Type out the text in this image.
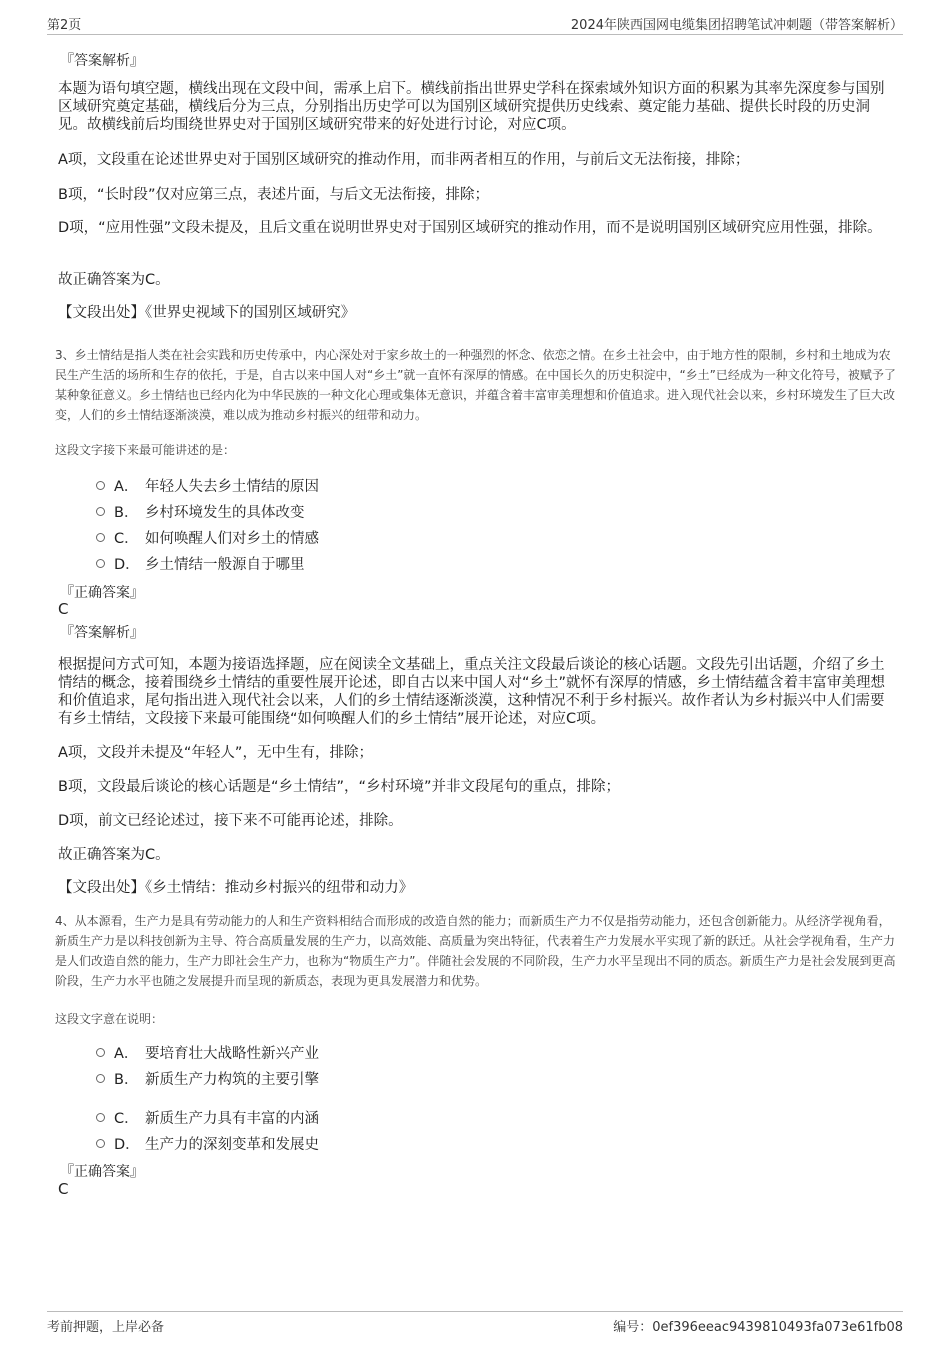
第2页	2024年陕西国网电缆集团招聘笔试冲刺题（带答案解析）

『答案解析』

本题为语句填空题，横线出现在文段中间，需承上启下。横线前指出世界史学科在探索域外知识方面的积累为其率先深度参与国别区域研究奠定基础，横线后分为三点，分别指出历史学可以为国别区域研究提供历史线索、奠定能力基础、提供长时段的历史洞见。故横线前后均围绕世界史对于国别区域研究带来的好处进行讨论，对应C项。

A项，文段重在论述世界史对于国别区域研究的推动作用，而非两者相互的作用，与前后文无法衔接，排除；

B项，“长时段”仅对应第三点，表述片面，与后文无法衔接，排除；

D项，“应用性强”文段未提及，且后文重在说明世界史对于国别区域研究的推动作用，而不是说明国别区域研究应用性强，排除。

故正确答案为C。

【文段出处】《世界史视域下的国别区域研究》

3、乡土情结是指人类在社会实践和历史传承中，内心深处对于家乡故土的一种强烈的怀念、依恋之情。在乡土社会中，由于地方性的限制，乡村和土地成为农民生产生活的场所和生存的依托，于是，自古以来中国人对“乡土”就一直怀有深厚的情感。在中国长久的历史积淀中，“乡土”已经成为一种文化符号，被赋予了某种象征意义。乡土情结也已经内化为中华民族的一种文化心理或集体无意识，并蕴含着丰富审美理想和价值追求。进入现代社会以来，乡村环境发生了巨大改变，人们的乡土情结逐渐淡漠，难以成为推动乡村振兴的纽带和动力。

这段文字接下来最可能讲述的是：

A． 年轻人失去乡土情结的原因
B． 乡村环境发生的具体改变
C． 如何唤醒人们对乡土的情感
D． 乡土情结一般源自于哪里

『正确答案』

C

『答案解析』

根据提问方式可知，本题为接语选择题，应在阅读全文基础上，重点关注文段最后谈论的核心话题。文段先引出话题，介绍了乡土情结的概念，接着围绕乡土情结的重要性展开论述，即自古以来中国人对“乡土”就怀有深厚的情感，乡土情结蕴含着丰富审美理想和价值追求，尾句指出进入现代社会以来，人们的乡土情结逐渐淡漠，这种情况不利于乡村振兴。故作者认为乡村振兴中人们需要有乡土情结，文段接下来最可能围绕“如何唤醒人们的乡土情结”展开论述，对应C项。

A项，文段并未提及“年轻人”，无中生有，排除；

B项，文段最后谈论的核心话题是“乡土情结”，“乡村环境”并非文段尾句的重点，排除；

D项，前文已经论述过，接下来不可能再论述，排除。

故正确答案为C。

【文段出处】《乡土情结：推动乡村振兴的纽带和动力》

4、从本源看，生产力是具有劳动能力的人和生产资料相结合而形成的改造自然的能力；而新质生产力不仅是指劳动能力，还包含创新能力。从经济学视角看，新质生产力是以科技创新为主导、符合高质量发展的生产力，以高效能、高质量为突出特征，代表着生产力发展水平实现了新的跃迁。从社会学视角看，生产力是人们改造自然的能力，生产力即社会生产力，也称为“物质生产力”。伴随社会发展的不同阶段，生产力水平呈现出不同的质态。新质生产力是社会发展到更高阶段，生产力水平也随之发展提升而呈现的新质态，表现为更具发展潜力和优势。

这段文字意在说明：

A． 要培育壮大战略性新兴产业
B． 新质生产力构筑的主要引擎
C． 新质生产力具有丰富的内涵
D． 生产力的深刻变革和发展史

『正确答案』

C

考前押题，上岸必备	编号：0ef396eeac9439810493fa073e61fb08
